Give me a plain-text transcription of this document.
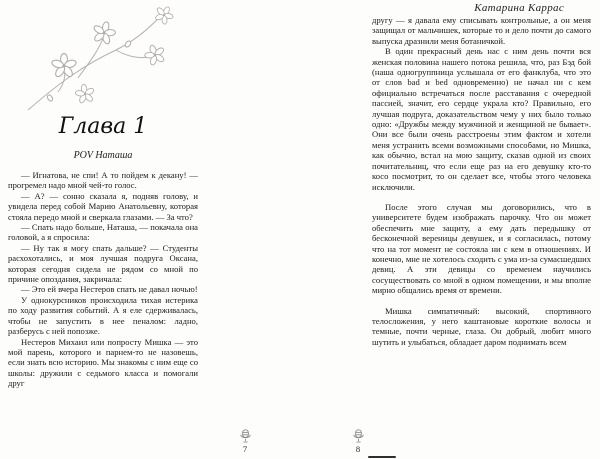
Глава 1
POV Наташа

— Игнатова, не спи! А то пойдем к декану! — прогремел надо мной чей-то голос.

— А? — сонно сказала я, подняв голову, и увидела перед собой Марию Анатольевну, которая стояла передо мной и сверкала глазами. — За что?

— Спать надо больше, Наташа, — покачала она головой, а я спросила:

— Ну так я могу спать дальше? — Студенты расхохотались, и моя лучшая подруга Оксана, которая сегодня сидела не рядом со мной по причине опоздания, закричала:

— Это ей вчера Нестеров спать не давал ночью!

У однокурсников происходила тихая истерика по ходу развития событий. А я еле сдерживалась, чтобы не запустить в нее пеналом: ладно, разберусь с ней попозже.

Нестеров Михаил или попросту Мишка — это мой парень, которого и парнем-то не назовешь, если знать всю историю. Мы знакомы с ним еще со школы: дружили с седьмого класса и помогали друг

7
Катарина Каррас

другу — я давала ему списывать контрольные, а он меня защищал от мальчишек, которые то и дело почти до самого выпуска дразнили меня ботаничкой.

В один прекрасный день нас с ним день почти вся женская половина нашего потока решила, что, раз Бэд бой (наша одногруппница услышала от его фанклуба, что это от слов bad и bed одновременно) не начал ни с кем официально встречаться после расставания с очередной пассией, значит, его сердце украла кто? Правильно, его лучшая подруга, доказательством чему у них было только одно: «Дружбы между мужчиной и женщиной не бывает». Они все были очень расстроены этим фактом и хотели меня устранить всеми возможными способами, но Мишка, как обычно, встал на мою защиту, сказав одной из своих почитательниц, что если еще раз на его девушку кто-то косо посмотрит, то он сделает все, чтобы этого человека исключили.

После этого случая мы договорились, что в университете будем изображать парочку. Что он может обеспечить мне защиту, а ему дать передышку от бесконечной вереницы девушек, и я согласилась, потому что на тот момент не состояла ни с кем в отношениях. И конечно, мне не хотелось сходить с ума из-за сумасшедших девиц. А эти девицы со временем научились сосуществовать со мной в одном помещении, и мы вполне мирно общались время от времени.

Мишка симпатичный: высокий, спортивного телосложения, у него каштановые короткие волосы и темные, почти черные, глаза. Он добрый, любит много шутить и улыбаться, обладает даром поднимать всем

8
